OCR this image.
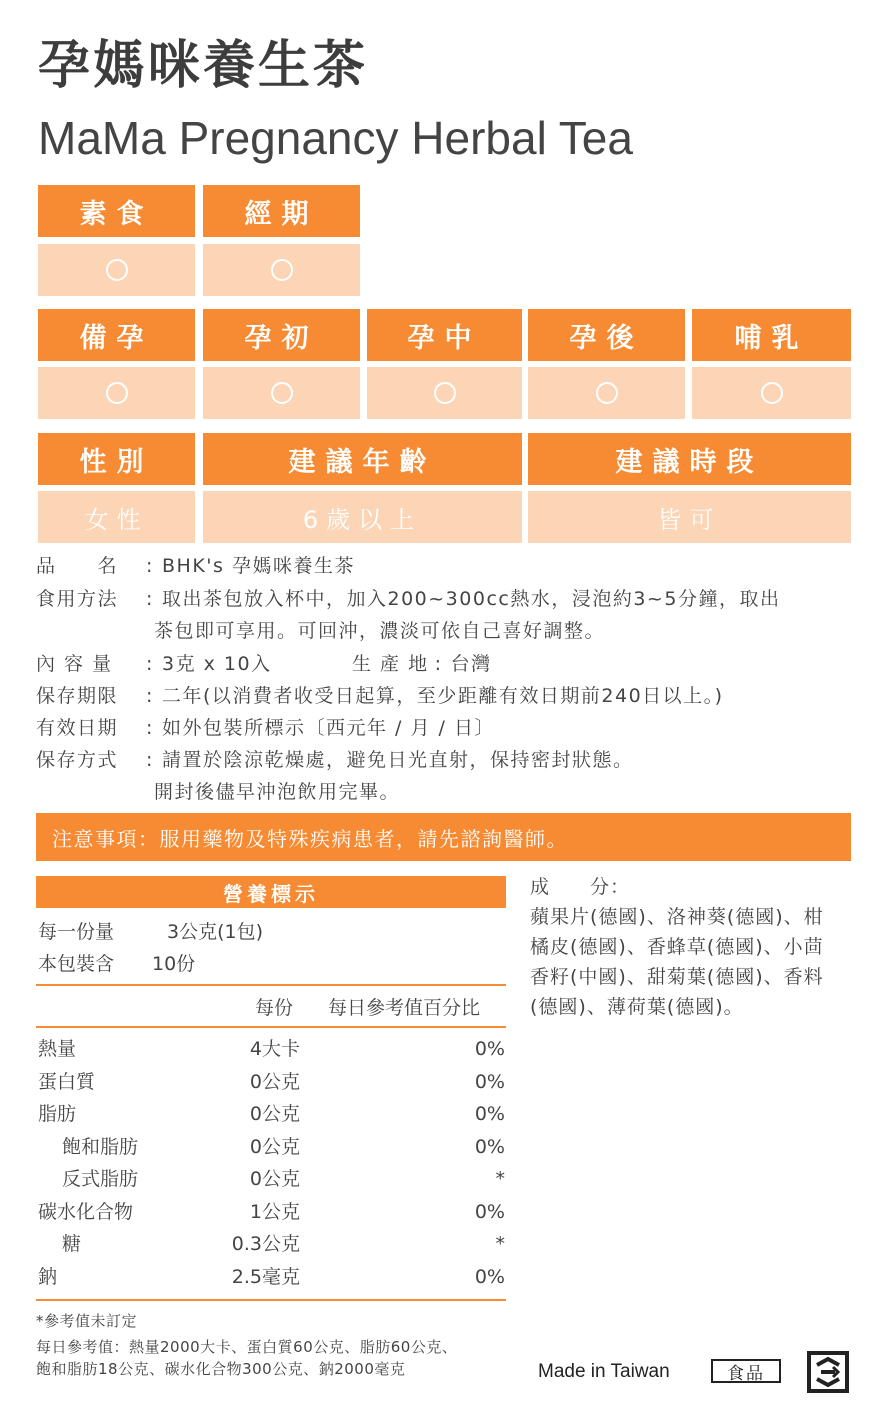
孕媽咪養生茶
MaMa Pregnancy Herbal Tea
素食	經期
備孕	孕初	孕中	孕後	哺乳
性別	建議年齡	建議時段
女性	6歲以上	皆可
品　　名 : BHK's 孕媽咪養生茶
食用方法 : 取出茶包放入杯中，加入200~300cc熱水，浸泡約3~5分鐘，取出
茶包即可享用。可回沖，濃淡可依自己喜好調整。
內 容 量 : 3克 x 10入	生 產 地 : 台灣
保存期限 : 二年(以消費者收受日起算，至少距離有效日期前240日以上。)
有效日期 : 如外包裝所標示〔西元年 / 月 / 日〕
保存方式 : 請置於陰涼乾燥處，避免日光直射，保持密封狀態。
開封後儘早沖泡飲用完畢。
注意事項：服用藥物及特殊疾病患者，請先諮詢醫師。
營養標示
每一份量	3公克(1包)
本包裝含 10份
每份 每日參考值百分比
熱量	4大卡	0%
蛋白質	0公克	0%
脂肪	0公克	0%
飽和脂肪	0公克	0%
反式脂肪	0公克	*
碳水化合物	1公克	0%
糖	0.3公克	*
鈉	2.5毫克	0%
*參考值未訂定
每日參考值：熱量2000大卡、蛋白質60公克、脂肪60公克、
飽和脂肪18公克、碳水化合物300公克、鈉2000毫克
成　　分：
蘋果片(德國)、洛神葵(德國)、柑
橘皮(德國)、香蜂草(德國)、小茴
香籽(中國)、甜菊葉(德國)、香料
(德國)、薄荷葉(德國)。
Made in Taiwan	食品
